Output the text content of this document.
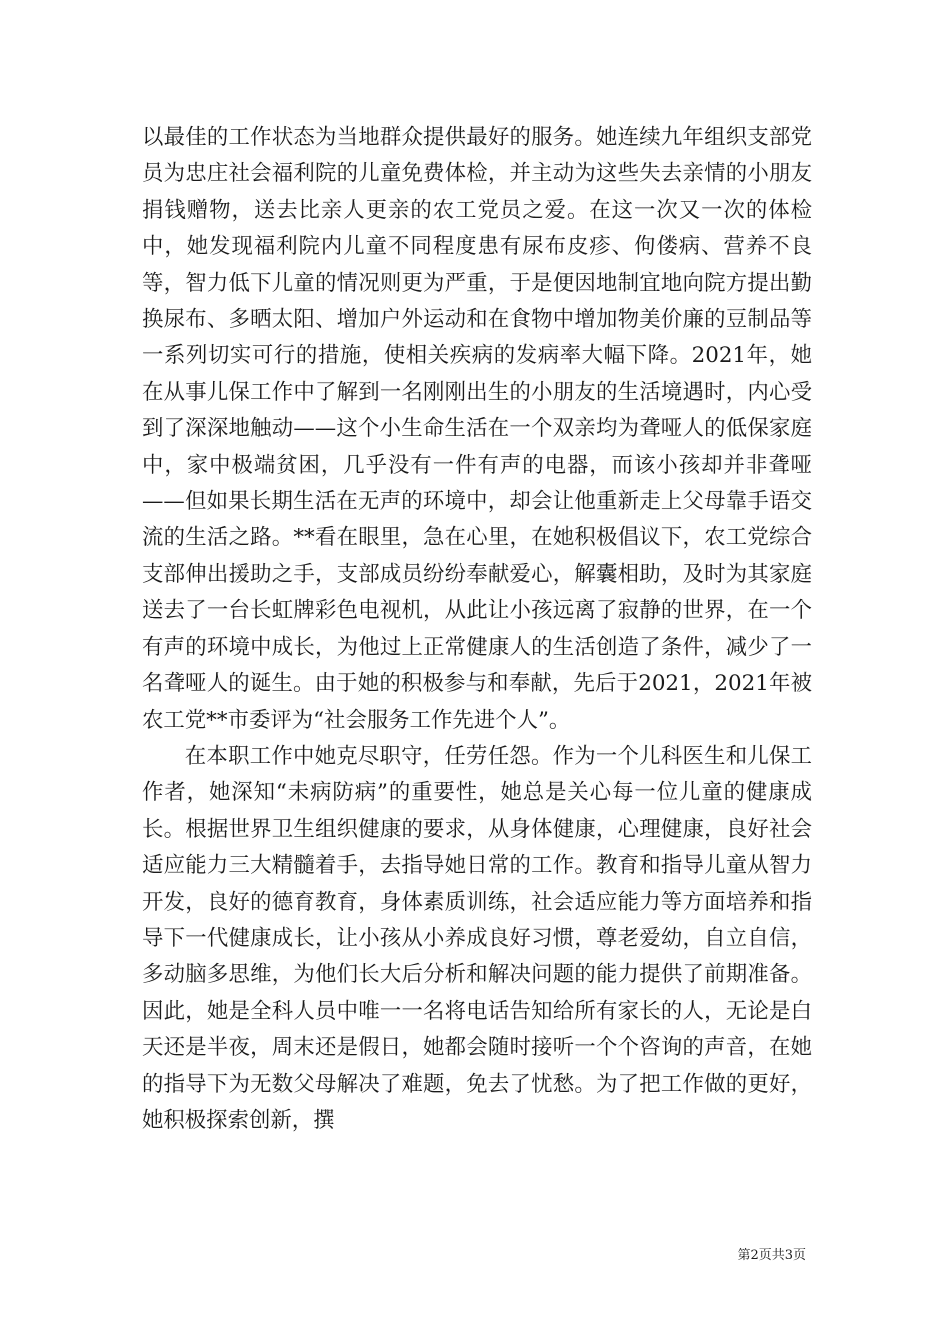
以最佳的工作状态为当地群众提供最好的服务。她连续九年组织支部党员为忠庄社会福利院的儿童免费体检，并主动为这些失去亲情的小朋友捐钱赠物，送去比亲人更亲的农工党员之爱。在这一次又一次的体检中，她发现福利院内儿童不同程度患有尿布皮疹、佝偻病、营养不良等，智力低下儿童的情况则更为严重，于是便因地制宜地向院方提出勤换尿布、多晒太阳、增加户外运动和在食物中增加物美价廉的豆制品等一系列切实可行的措施，使相关疾病的发病率大幅下降。2021年，她在从事儿保工作中了解到一名刚刚出生的小朋友的生活境遇时，内心受到了深深地触动——这个小生命生活在一个双亲均为聋哑人的低保家庭中，家中极端贫困，几乎没有一件有声的电器，而该小孩却并非聋哑——但如果长期生活在无声的环境中，却会让他重新走上父母靠手语交流的生活之路。**看在眼里，急在心里，在她积极倡议下，农工党综合支部伸出援助之手，支部成员纷纷奉献爱心，解囊相助，及时为其家庭送去了一台长虹牌彩色电视机，从此让小孩远离了寂静的世界，在一个有声的环境中成长，为他过上正常健康人的生活创造了条件，减少了一名聋哑人的诞生。由于她的积极参与和奉献，先后于2021，2021年被农工党**市委评为“社会服务工作先进个人”。

在本职工作中她克尽职守，任劳任怨。作为一个儿科医生和儿保工作者，她深知“未病防病”的重要性，她总是关心每一位儿童的健康成长。根据世界卫生组织健康的要求，从身体健康，心理健康，良好社会适应能力三大精髓着手，去指导她日常的工作。教育和指导儿童从智力开发，良好的德育教育，身体素质训练，社会适应能力等方面培养和指导下一代健康成长，让小孩从小养成良好习惯，尊老爱幼，自立自信，多动脑多思维，为他们长大后分析和解决问题的能力提供了前期准备。因此，她是全科人员中唯一一名将电话告知给所有家长的人，无论是白天还是半夜，周末还是假日，她都会随时接听一个个咨询的声音，在她的指导下为无数父母解决了难题，免去了忧愁。为了把工作做的更好，她积极探索创新，撰

第2页共3页
